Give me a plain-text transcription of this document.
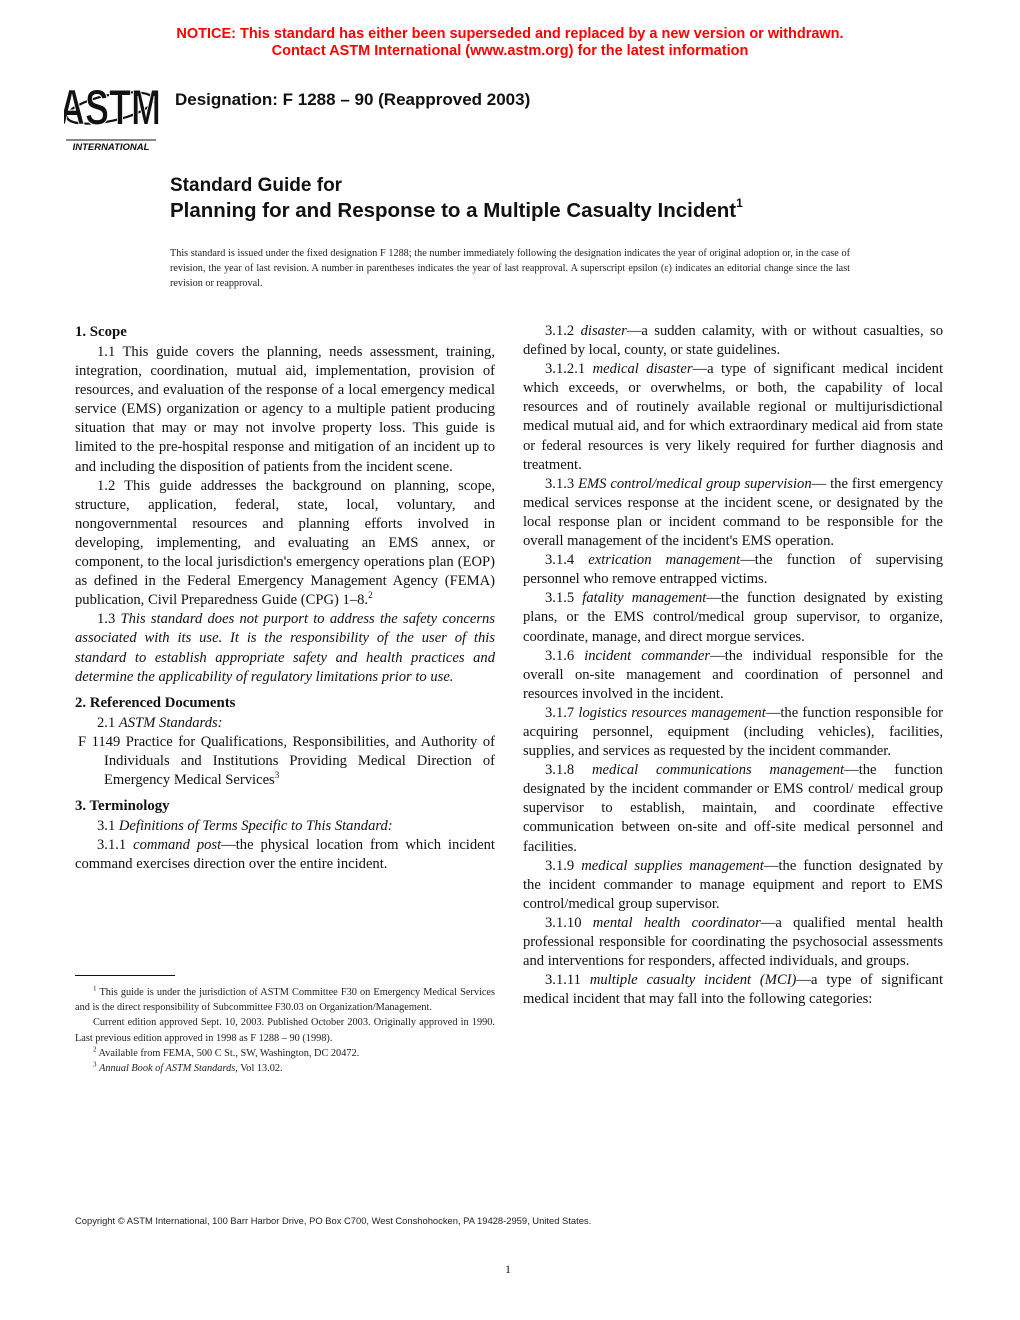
NOTICE: This standard has either been superseded and replaced by a new version or withdrawn.
Contact ASTM International (www.astm.org) for the latest information
ASTM
INTERNATIONAL
Designation: F 1288 – 90 (Reapproved 2003)
Standard Guide for
Planning for and Response to a Multiple Casualty Incident$^1$
This standard is issued under the fixed designation F 1288; the number immediately following the designation indicates the year of original adoption or, in the case of revision, the year of last revision. A number in parentheses indicates the year of last reapproval. A superscript epsilon (ε) indicates an editorial change since the last revision or reapproval.
1. Scope

1.1 This guide covers the planning, needs assessment, training, integration, coordination, mutual aid, implementation, provision of resources, and evaluation of the response of a local emergency medical service (EMS) organization or agency to a multiple patient producing situation that may or may not involve property loss. This guide is limited to the pre-hospital response and mitigation of an incident up to and including the disposition of patients from the incident scene.

1.2 This guide addresses the background on planning, scope, structure, application, federal, state, local, voluntary, and nongovernmental resources and planning efforts involved in developing, implementing, and evaluating an EMS annex, or component, to the local jurisdiction's emergency operations plan (EOP) as defined in the Federal Emergency Management Agency (FEMA) publication, Civil Preparedness Guide (CPG) 1–8.$^2$

1.3 This standard does not purport to address the safety concerns associated with its use. It is the responsibility of the user of this standard to establish appropriate safety and health practices and determine the applicability of regulatory limitations prior to use.

2. Referenced Documents

2.1 ASTM Standards:

F 1149 Practice for Qualifications, Responsibilities, and Authority of Individuals and Institutions Providing Medical Direction of Emergency Medical Services$^3$

3. Terminology

3.1 Definitions of Terms Specific to This Standard:

3.1.1 command post—the physical location from which incident command exercises direction over the entire incident.

$^1$ This guide is under the jurisdiction of ASTM Committee F30 on Emergency Medical Services and is the direct responsibility of Subcommittee F30.03 on Organization/Management.

Current edition approved Sept. 10, 2003. Published October 2003. Originally approved in 1990. Last previous edition approved in 1998 as F 1288 – 90 (1998).

$^2$ Available from FEMA, 500 C St., SW, Washington, DC 20472.

$^3$ Annual Book of ASTM Standards, Vol 13.02.

3.1.2 disaster—a sudden calamity, with or without casualties, so defined by local, county, or state guidelines.

3.1.2.1 medical disaster—a type of significant medical incident which exceeds, or overwhelms, or both, the capability of local resources and of routinely available regional or multijurisdictional medical mutual aid, and for which extraordinary medical aid from state or federal resources is very likely required for further diagnosis and treatment.

3.1.3 EMS control/medical group supervision— the first emergency medical services response at the incident scene, or designated by the local response plan or incident command to be responsible for the overall management of the incident's EMS operation.

3.1.4 extrication management—the function of supervising personnel who remove entrapped victims.

3.1.5 fatality management—the function designated by existing plans, or the EMS control/medical group supervisor, to organize, coordinate, manage, and direct morgue services.

3.1.6 incident commander—the individual responsible for the overall on-site management and coordination of personnel and resources involved in the incident.

3.1.7 logistics resources management—the function responsible for acquiring personnel, equipment (including vehicles), facilities, supplies, and services as requested by the incident commander.

3.1.8 medical communications management—the function designated by the incident commander or EMS control/ medical group supervisor to establish, maintain, and coordinate effective communication between on-site and off-site medical personnel and facilities.

3.1.9 medical supplies management—the function designated by the incident commander to manage equipment and report to EMS control/medical group supervisor.

3.1.10 mental health coordinator—a qualified mental health professional responsible for coordinating the psychosocial assessments and interventions for responders, affected individuals, and groups.

3.1.11 multiple casualty incident (MCI)—a type of significant medical incident that may fall into the following categories:

Copyright © ASTM International, 100 Barr Harbor Drive, PO Box C700, West Conshohocken, PA 19428-2959, United States.
1
